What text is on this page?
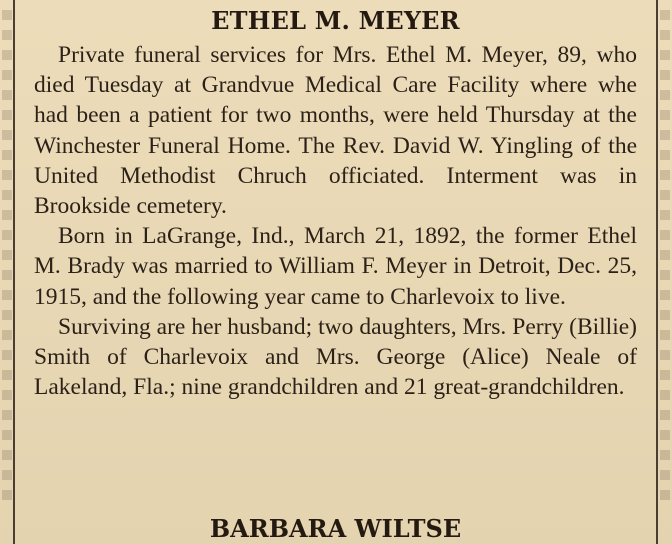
ETHEL M. MEYER

Private funeral services for Mrs. Ethel M. Meyer, 89, who died Tuesday at Grandvue Medical Care Facility where whe had been a patient for two months, were held Thursday at the Winchester Funeral Home. The Rev. David W. Yingling of the United Methodist Chruch officiated. Interment was in Brookside cemetery.

Born in LaGrange, Ind., March 21, 1892, the former Ethel M. Brady was married to William F. Meyer in Detroit, Dec. 25, 1915, and the following year came to Charlevoix to live.

Surviving are her husband; two daughters, Mrs. Perry (Billie) Smith of Charlevoix and Mrs. George (Alice) Neale of Lakeland, Fla.; nine grandchildren and 21 great-grandchildren.

BARBARA WILTSE
